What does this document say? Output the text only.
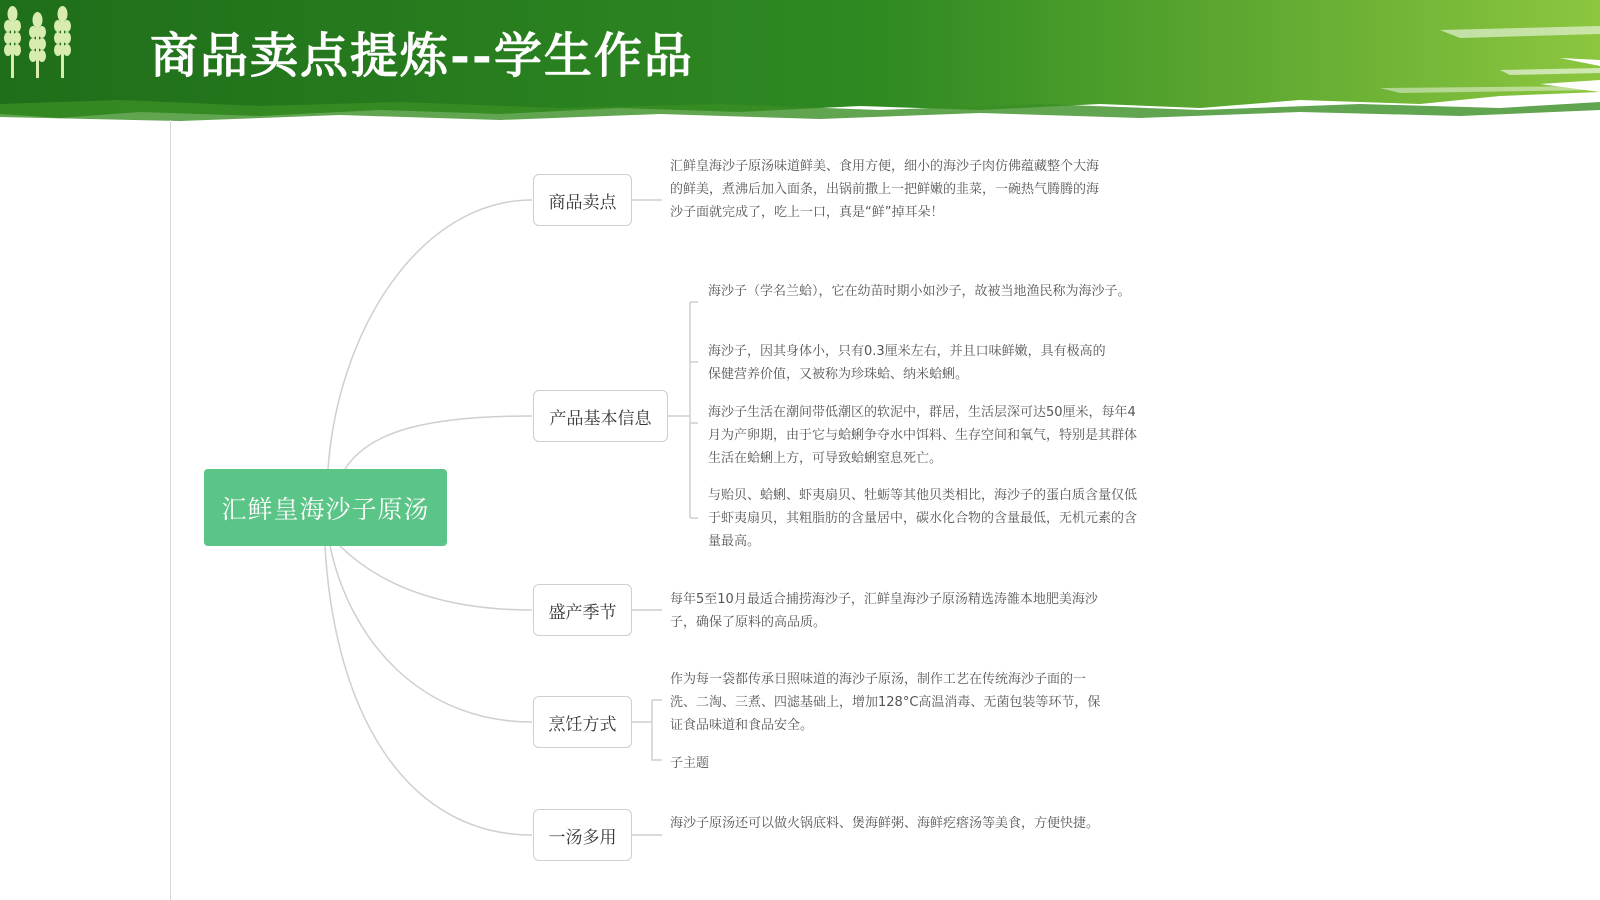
商品卖点提炼--学生作品
汇鲜皇海沙子原汤
商品卖点
产品基本信息
盛产季节
烹饪方式
一汤多用

汇鲜皇海沙子原汤味道鲜美、食用方便，细小的海沙子肉仿佛蕴藏整个大海的鲜美，煮沸后加入面条，出锅前撒上一把鲜嫩的韭菜，一碗热气腾腾的海沙子面就完成了，吃上一口，真是“鲜”掉耳朵！

海沙子（学名兰蛤），它在幼苗时期小如沙子，故被当地渔民称为海沙子。

海沙子，因其身体小，只有0.3厘米左右，并且口味鲜嫩，具有极高的保健营养价值，又被称为珍珠蛤、纳米蛤蜊。

海沙子生活在潮间带低潮区的软泥中，群居，生活层深可达50厘米，每年4月为产卵期，由于它与蛤蜊争夺水中饵料、生存空间和氧气，特别是其群体生活在蛤蜊上方，可导致蛤蜊窒息死亡。

与贻贝、蛤蜊、虾夷扇贝、牡蛎等其他贝类相比，海沙子的蛋白质含量仅低于虾夷扇贝，其粗脂肪的含量居中，碳水化合物的含量最低，无机元素的含量最高。

每年5至10月最适合捕捞海沙子，汇鲜皇海沙子原汤精选涛雒本地肥美海沙子，确保了原料的高品质。

作为每一袋都传承日照味道的海沙子原汤，制作工艺在传统海沙子面的一洗、二淘、三煮、四滤基础上，增加128°C高温消毒、无菌包装等环节，保证食品味道和食品安全。

子主题

海沙子原汤还可以做火锅底料、煲海鲜粥、海鲜疙瘩汤等美食，方便快捷。
